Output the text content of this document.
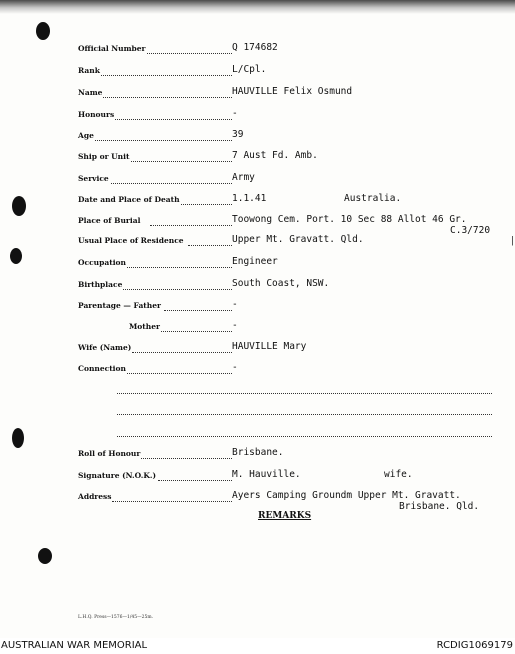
|
Official Number	Q 174682
Rank	L/Cpl.
Name	HAUVILLE Felix Osmund
Honours	-
Age	39
Ship or Unit	7 Aust Fd. Amb.
Service	Army
Date and Place of Death	1.1.41	Australia.
Place of Burial	Toowong Cem. Port. 10 Sec 88 Allot 46 Gr.
C.3/720
Usual Place of Residence	Upper Mt. Gravatt. Qld.
Occupation	Engineer
Birthplace	South Coast, NSW.
Parentage — Father	-
Mother	-
Wife (Name)	HAUVILLE Mary
Connection	-
Roll of Honour	Brisbane.
Signature (N.O.K.)	M. Hauville.	wife.
Address	Ayers Camping Groundm Upper Mt. Gravatt.
Brisbane. Qld.
REMARKS
L.H.Q. Press—1576—1/45—25m.
AUSTRALIAN WAR MEMORIAL	RCDIG1069179
